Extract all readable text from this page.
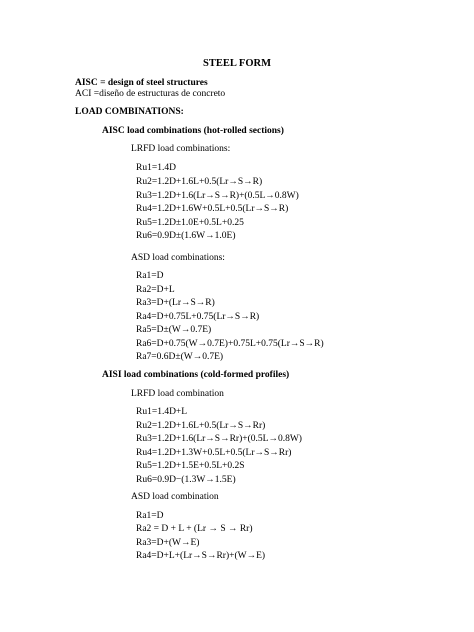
STEEL FORM
AISC = design of steel structures
ACI =diseño de estructuras de concreto
LOAD COMBINATIONS:
AISC load combinations (hot-rolled sections)
LRFD load combinations:
Ru1=1.4D
Ru2=1.2D+1.6L+0.5(Lr→S→R)
Ru3=1.2D+1.6(Lr→S→R)+(0.5L→0.8W)
Ru4=1.2D+1.6W+0.5L+0.5(Lr→S→R)
Ru5=1.2D±1.0E+0.5L+0.25
Ru6=0.9D±(1.6W→1.0E)
ASD load combinations:
Ra1=D
Ra2=D+L
Ra3=D+(Lr→S→R)
Ra4=D+0.75L+0.75(Lr→S→R)
Ra5=D±(W→0.7E)
Ra6=D+0.75(W→0.7E)+0.75L+0.75(Lr→S→R)
Ra7=0.6D±(W→0.7E)
AISI load combinations (cold-formed profiles)
LRFD load combination
Ru1=1.4D+L
Ru2=1.2D+1.6L+0.5(Lr→S→Rr)
Ru3=1.2D+1.6(Lr→S→Rr)+(0.5L→0.8W)
Ru4=1.2D+1.3W+0.5L+0.5(Lr→S→Rr)
Ru5=1.2D+1.5E+0.5L+0.2S
Ru6=0.9D−(1.3W→1.5E)
ASD load combination
Ra1=D
Ra2 = D + L + (Lr → S → Rr)
Ra3=D+(W→E)
Ra4=D+L+(Lr→S→Rr)+(W→E)
